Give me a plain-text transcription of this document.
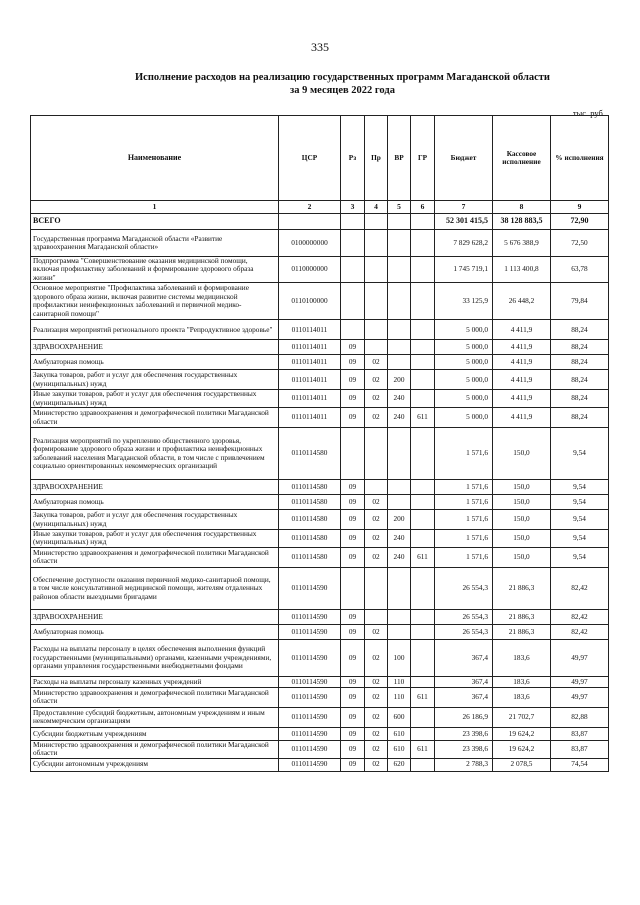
335
Исполнение расходов на реализацию государственных программ Магаданской области
за 9 месяцев 2022 года
тыс. руб.
Наименование	ЦСР	Рз	Пр	ВР	ГР	Бюджет	Кассовое исполнение	% исполнения
1	2	3	4	5	6	7	8	9
ВСЕГО						52 301 415,5	38 128 883,5	72,90
Государственная программа Магаданской области «Развитие здравоохранения Магаданской области»	0100000000					7 829 628,2	5 676 388,9	72,50
Подпрограмма "Совершенствование оказания медицинской помощи, включая профилактику заболеваний и формирование здорового образа жизни"	0110000000					1 745 719,1	1 113 400,8	63,78
Основное мероприятие "Профилактика заболеваний и формирование здорового образа жизни, включая развитие системы медицинской профилактики неинфекционных заболеваний и первичной медико-санитарной помощи"	0110100000					33 125,9	26 448,2	79,84
Реализация мероприятий регионального проекта "Репродуктивное здоровье"	0110114011					5 000,0	4 411,9	88,24
ЗДРАВООХРАНЕНИЕ	0110114011	09				5 000,0	4 411,9	88,24
Амбулаторная помощь	0110114011	09	02			5 000,0	4 411,9	88,24
Закупка товаров, работ и услуг для обеспечения государственных (муниципальных) нужд	0110114011	09	02	200		5 000,0	4 411,9	88,24
Иные закупки товаров, работ и услуг для обеспечения государственных (муниципальных) нужд	0110114011	09	02	240		5 000,0	4 411,9	88,24
Министерство здравоохранения и демографической политики Магаданской области	0110114011	09	02	240	611	5 000,0	4 411,9	88,24
Реализация мероприятий по укреплению общественного здоровья, формирование здорового образа жизни и профилактика неинфекционных заболеваний населения Магаданской области, в том числе с привлечением социально ориентированных некоммерческих организаций	0110114580					1 571,6	150,0	9,54
ЗДРАВООХРАНЕНИЕ	0110114580	09				1 571,6	150,0	9,54
Амбулаторная помощь	0110114580	09	02			1 571,6	150,0	9,54
Закупка товаров, работ и услуг для обеспечения государственных (муниципальных) нужд	0110114580	09	02	200		1 571,6	150,0	9,54
Иные закупки товаров, работ и услуг для обеспечения государственных (муниципальных) нужд	0110114580	09	02	240		1 571,6	150,0	9,54
Министерство здравоохранения и демографической политики Магаданской области	0110114580	09	02	240	611	1 571,6	150,0	9,54
Обеспечение доступности оказания первичной медико-санитарной помощи, в том числе консультативной медицинской помощи, жителям отдаленных районов области выездными бригадами	0110114590					26 554,3	21 886,3	82,42
ЗДРАВООХРАНЕНИЕ	0110114590	09				26 554,3	21 886,3	82,42
Амбулаторная помощь	0110114590	09	02			26 554,3	21 886,3	82,42
Расходы на выплаты персоналу в целях обеспечения выполнения функций государственными (муниципальными) органами, казенными учреждениями, органами управления государственными внебюджетными фондами	0110114590	09	02	100		367,4	183,6	49,97
Расходы на выплаты персоналу казенных учреждений	0110114590	09	02	110		367,4	183,6	49,97
Министерство здравоохранения и демографической политики Магаданской области	0110114590	09	02	110	611	367,4	183,6	49,97
Предоставление субсидий бюджетным, автономным учреждениям и иным некоммерческим организациям	0110114590	09	02	600		26 186,9	21 702,7	82,88
Субсидии бюджетным учреждениям	0110114590	09	02	610		23 398,6	19 624,2	83,87
Министерство здравоохранения и демографической политики Магаданской области	0110114590	09	02	610	611	23 398,6	19 624,2	83,87
Субсидии автономным учреждениям	0110114590	09	02	620		2 788,3	2 078,5	74,54
